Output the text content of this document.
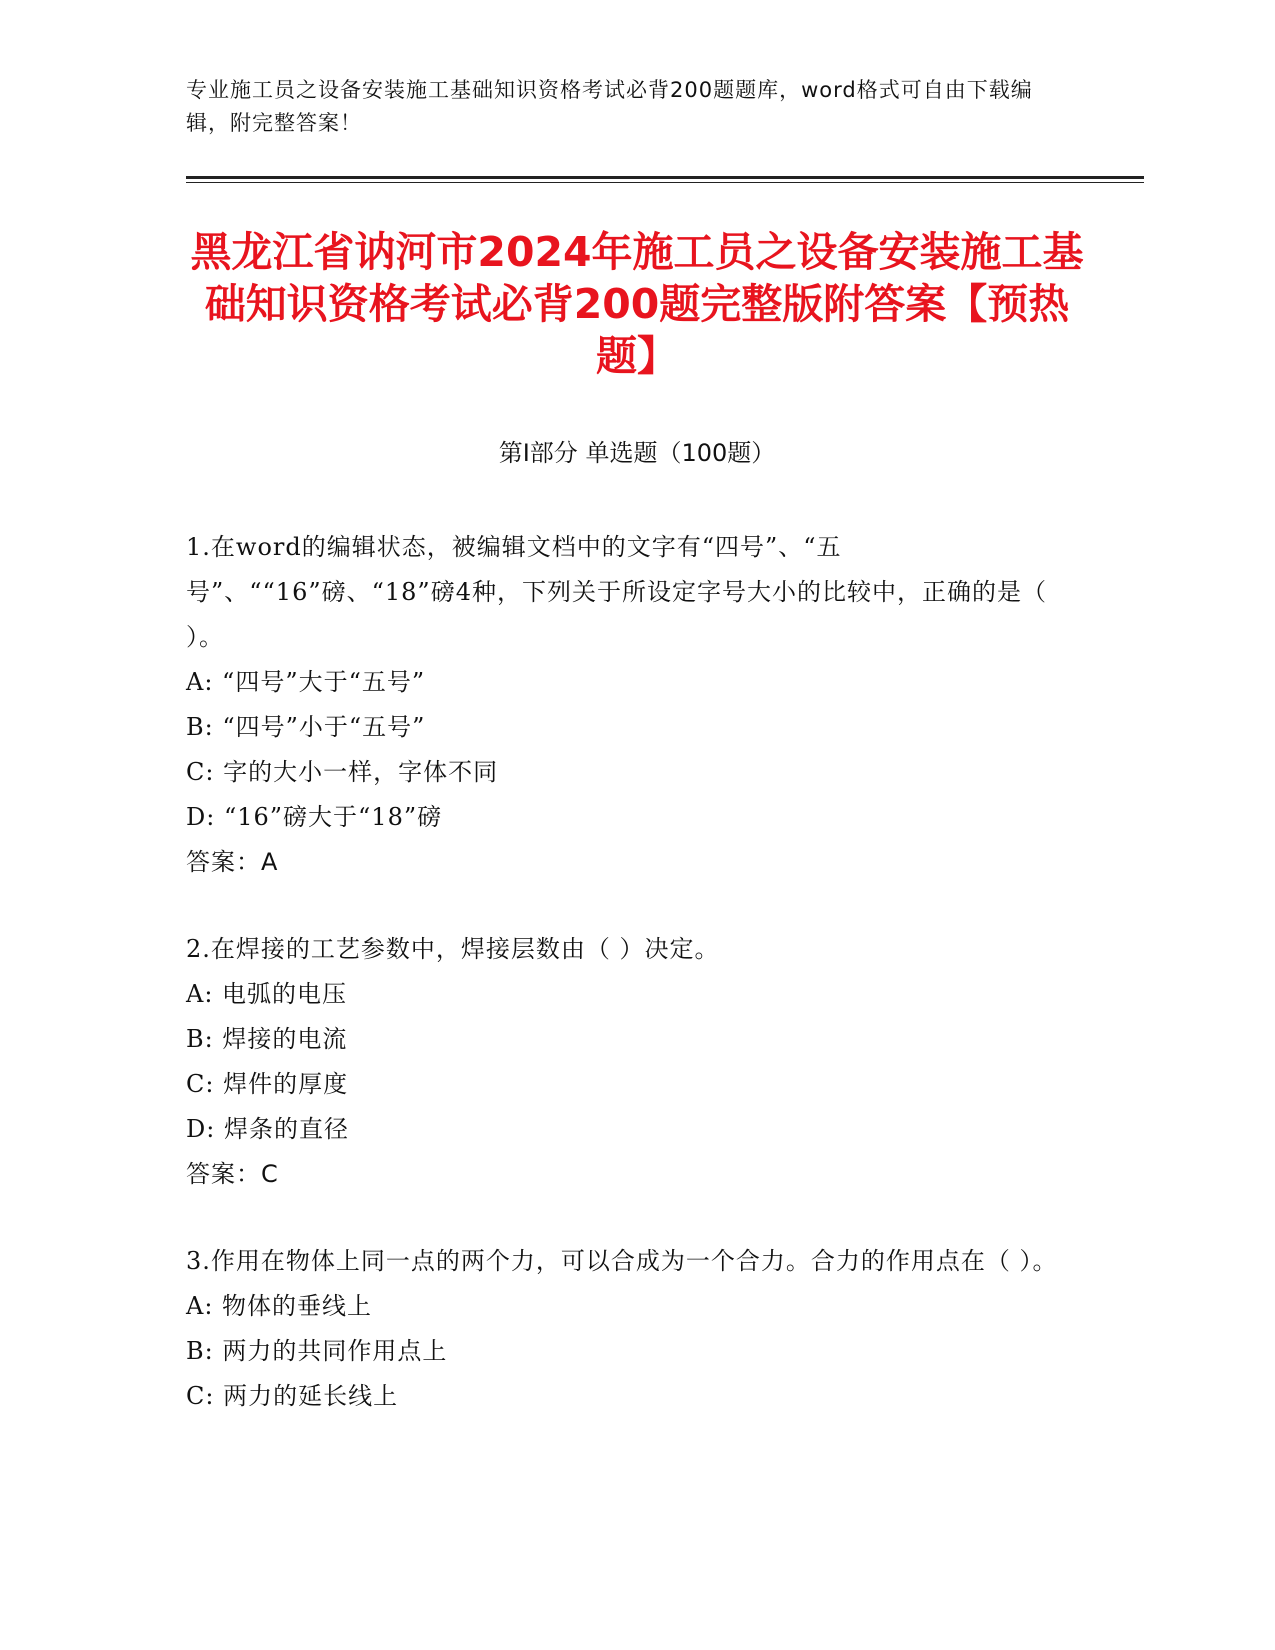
专业施工员之设备安装施工基础知识资格考试必背200题题库，word格式可自由下载编辑，附完整答案！
黑龙江省讷河市2024年施工员之设备安装施工基础知识资格考试必背200题完整版附答案【预热题】
第I部分 单选题（100题）
1.在word的编辑状态，被编辑文档中的文字有“四号”、“五号”、““16”磅、“18”磅4种，下列关于所设定字号大小的比较中，正确的是（ ）。
A: “四号”大于“五号”
B: “四号”小于“五号”
C: 字的大小一样，字体不同
D: “16”磅大于“18”磅
答案：A
2.在焊接的工艺参数中，焊接层数由（ ）决定。
A: 电弧的电压
B: 焊接的电流
C: 焊件的厚度
D: 焊条的直径
答案：C
3.作用在物体上同一点的两个力，可以合成为一个合力。合力的作用点在（ ）。
A: 物体的垂线上
B: 两力的共同作用点上
C: 两力的延长线上
